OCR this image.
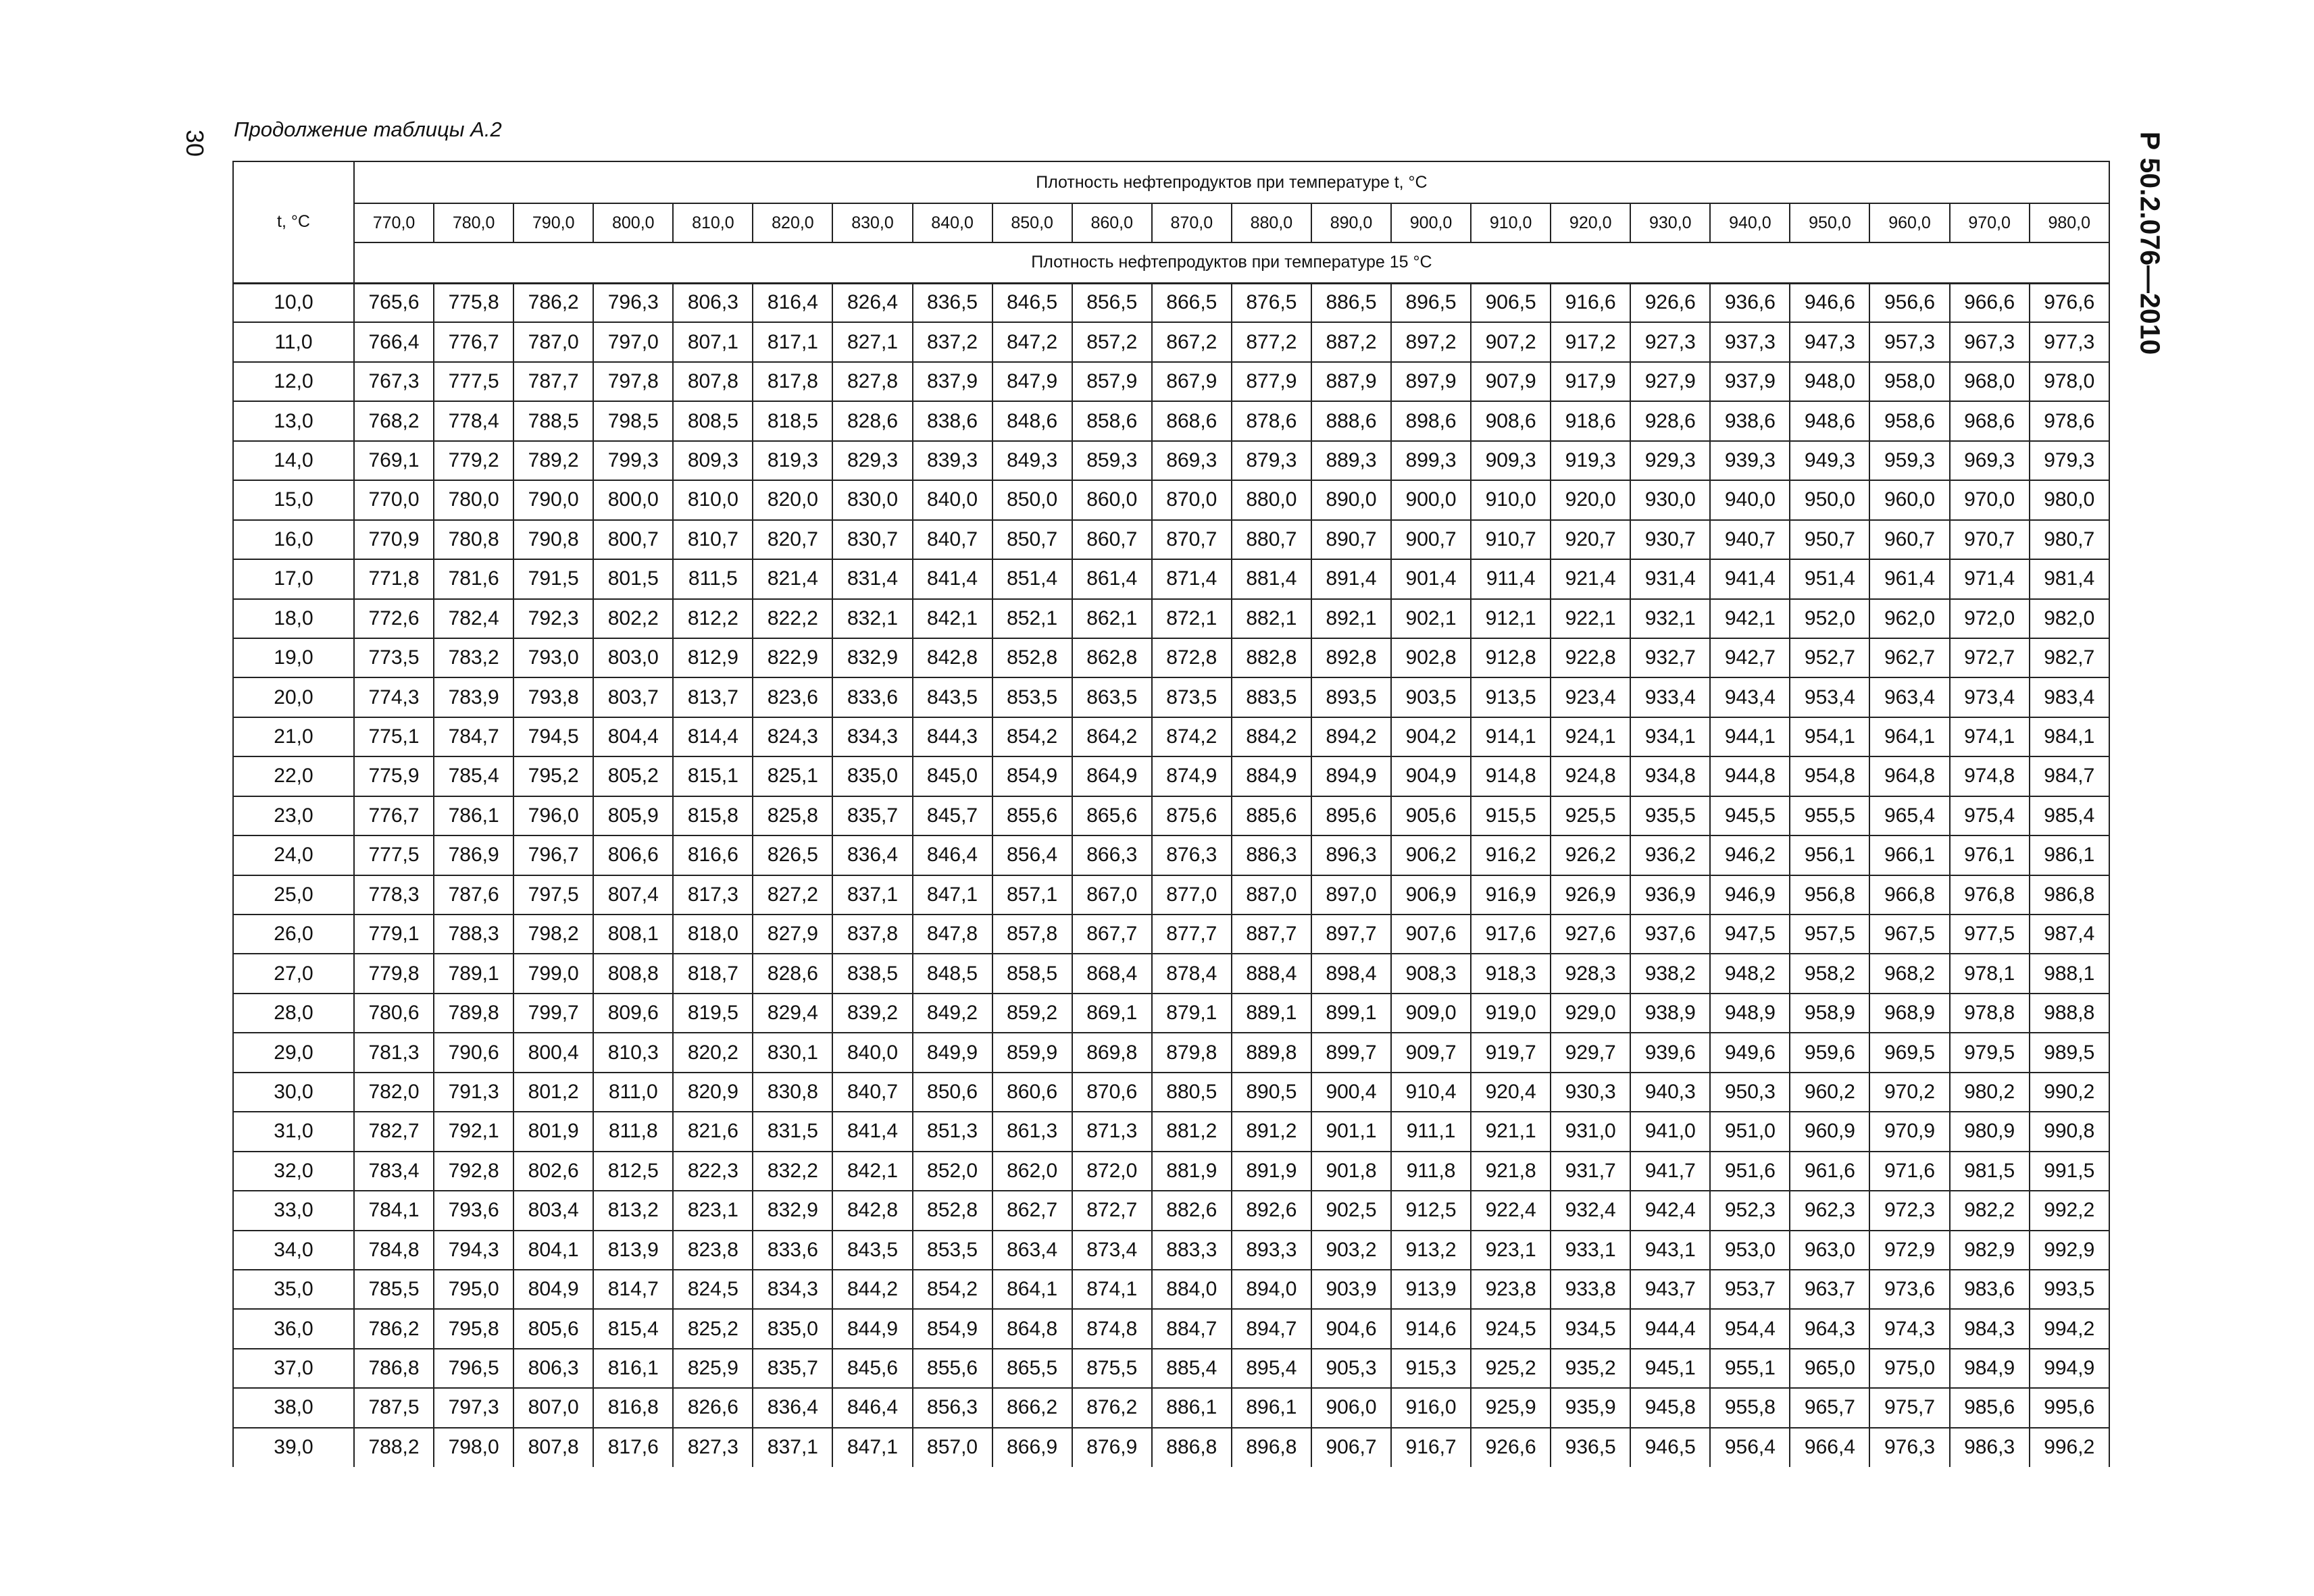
30
Продолжение таблицы А.2
Р 50.2.076—2010
t, °C	Плотность нефтепродуктов при температуре t, °C																					
	770,0	780,0	790,0	800,0	810,0	820,0	830,0	840,0	850,0	860,0	870,0	880,0	890,0	900,0	910,0	920,0	930,0	940,0	950,0	960,0	970,0	980,0
	Плотность нефтепродуктов при температуре 15 °C																					
10,0	765,6	775,8	786,2	796,3	806,3	816,4	826,4	836,5	846,5	856,5	866,5	876,5	886,5	896,5	906,5	916,6	926,6	936,6	946,6	956,6	966,6	976,6
11,0	766,4	776,7	787,0	797,0	807,1	817,1	827,1	837,2	847,2	857,2	867,2	877,2	887,2	897,2	907,2	917,2	927,3	937,3	947,3	957,3	967,3	977,3
12,0	767,3	777,5	787,7	797,8	807,8	817,8	827,8	837,9	847,9	857,9	867,9	877,9	887,9	897,9	907,9	917,9	927,9	937,9	948,0	958,0	968,0	978,0
13,0	768,2	778,4	788,5	798,5	808,5	818,5	828,6	838,6	848,6	858,6	868,6	878,6	888,6	898,6	908,6	918,6	928,6	938,6	948,6	958,6	968,6	978,6
14,0	769,1	779,2	789,2	799,3	809,3	819,3	829,3	839,3	849,3	859,3	869,3	879,3	889,3	899,3	909,3	919,3	929,3	939,3	949,3	959,3	969,3	979,3
15,0	770,0	780,0	790,0	800,0	810,0	820,0	830,0	840,0	850,0	860,0	870,0	880,0	890,0	900,0	910,0	920,0	930,0	940,0	950,0	960,0	970,0	980,0
16,0	770,9	780,8	790,8	800,7	810,7	820,7	830,7	840,7	850,7	860,7	870,7	880,7	890,7	900,7	910,7	920,7	930,7	940,7	950,7	960,7	970,7	980,7
17,0	771,8	781,6	791,5	801,5	811,5	821,4	831,4	841,4	851,4	861,4	871,4	881,4	891,4	901,4	911,4	921,4	931,4	941,4	951,4	961,4	971,4	981,4
18,0	772,6	782,4	792,3	802,2	812,2	822,2	832,1	842,1	852,1	862,1	872,1	882,1	892,1	902,1	912,1	922,1	932,1	942,1	952,0	962,0	972,0	982,0
19,0	773,5	783,2	793,0	803,0	812,9	822,9	832,9	842,8	852,8	862,8	872,8	882,8	892,8	902,8	912,8	922,8	932,7	942,7	952,7	962,7	972,7	982,7
20,0	774,3	783,9	793,8	803,7	813,7	823,6	833,6	843,5	853,5	863,5	873,5	883,5	893,5	903,5	913,5	923,4	933,4	943,4	953,4	963,4	973,4	983,4
21,0	775,1	784,7	794,5	804,4	814,4	824,3	834,3	844,3	854,2	864,2	874,2	884,2	894,2	904,2	914,1	924,1	934,1	944,1	954,1	964,1	974,1	984,1
22,0	775,9	785,4	795,2	805,2	815,1	825,1	835,0	845,0	854,9	864,9	874,9	884,9	894,9	904,9	914,8	924,8	934,8	944,8	954,8	964,8	974,8	984,7
23,0	776,7	786,1	796,0	805,9	815,8	825,8	835,7	845,7	855,6	865,6	875,6	885,6	895,6	905,6	915,5	925,5	935,5	945,5	955,5	965,4	975,4	985,4
24,0	777,5	786,9	796,7	806,6	816,6	826,5	836,4	846,4	856,4	866,3	876,3	886,3	896,3	906,2	916,2	926,2	936,2	946,2	956,1	966,1	976,1	986,1
25,0	778,3	787,6	797,5	807,4	817,3	827,2	837,1	847,1	857,1	867,0	877,0	887,0	897,0	906,9	916,9	926,9	936,9	946,9	956,8	966,8	976,8	986,8
26,0	779,1	788,3	798,2	808,1	818,0	827,9	837,8	847,8	857,8	867,7	877,7	887,7	897,7	907,6	917,6	927,6	937,6	947,5	957,5	967,5	977,5	987,4
27,0	779,8	789,1	799,0	808,8	818,7	828,6	838,5	848,5	858,5	868,4	878,4	888,4	898,4	908,3	918,3	928,3	938,2	948,2	958,2	968,2	978,1	988,1
28,0	780,6	789,8	799,7	809,6	819,5	829,4	839,2	849,2	859,2	869,1	879,1	889,1	899,1	909,0	919,0	929,0	938,9	948,9	958,9	968,9	978,8	988,8
29,0	781,3	790,6	800,4	810,3	820,2	830,1	840,0	849,9	859,9	869,8	879,8	889,8	899,7	909,7	919,7	929,7	939,6	949,6	959,6	969,5	979,5	989,5
30,0	782,0	791,3	801,2	811,0	820,9	830,8	840,7	850,6	860,6	870,6	880,5	890,5	900,4	910,4	920,4	930,3	940,3	950,3	960,2	970,2	980,2	990,2
31,0	782,7	792,1	801,9	811,8	821,6	831,5	841,4	851,3	861,3	871,3	881,2	891,2	901,1	911,1	921,1	931,0	941,0	951,0	960,9	970,9	980,9	990,8
32,0	783,4	792,8	802,6	812,5	822,3	832,2	842,1	852,0	862,0	872,0	881,9	891,9	901,8	911,8	921,8	931,7	941,7	951,6	961,6	971,6	981,5	991,5
33,0	784,1	793,6	803,4	813,2	823,1	832,9	842,8	852,8	862,7	872,7	882,6	892,6	902,5	912,5	922,4	932,4	942,4	952,3	962,3	972,3	982,2	992,2
34,0	784,8	794,3	804,1	813,9	823,8	833,6	843,5	853,5	863,4	873,4	883,3	893,3	903,2	913,2	923,1	933,1	943,1	953,0	963,0	972,9	982,9	992,9
35,0	785,5	795,0	804,9	814,7	824,5	834,3	844,2	854,2	864,1	874,1	884,0	894,0	903,9	913,9	923,8	933,8	943,7	953,7	963,7	973,6	983,6	993,5
36,0	786,2	795,8	805,6	815,4	825,2	835,0	844,9	854,9	864,8	874,8	884,7	894,7	904,6	914,6	924,5	934,5	944,4	954,4	964,3	974,3	984,3	994,2
37,0	786,8	796,5	806,3	816,1	825,9	835,7	845,6	855,6	865,5	875,5	885,4	895,4	905,3	915,3	925,2	935,2	945,1	955,1	965,0	975,0	984,9	994,9
38,0	787,5	797,3	807,0	816,8	826,6	836,4	846,4	856,3	866,2	876,2	886,1	896,1	906,0	916,0	925,9	935,9	945,8	955,8	965,7	975,7	985,6	995,6
39,0	788,2	798,0	807,8	817,6	827,3	837,1	847,1	857,0	866,9	876,9	886,8	896,8	906,7	916,7	926,6	936,5	946,5	956,4	966,4	976,3	986,3	996,2
